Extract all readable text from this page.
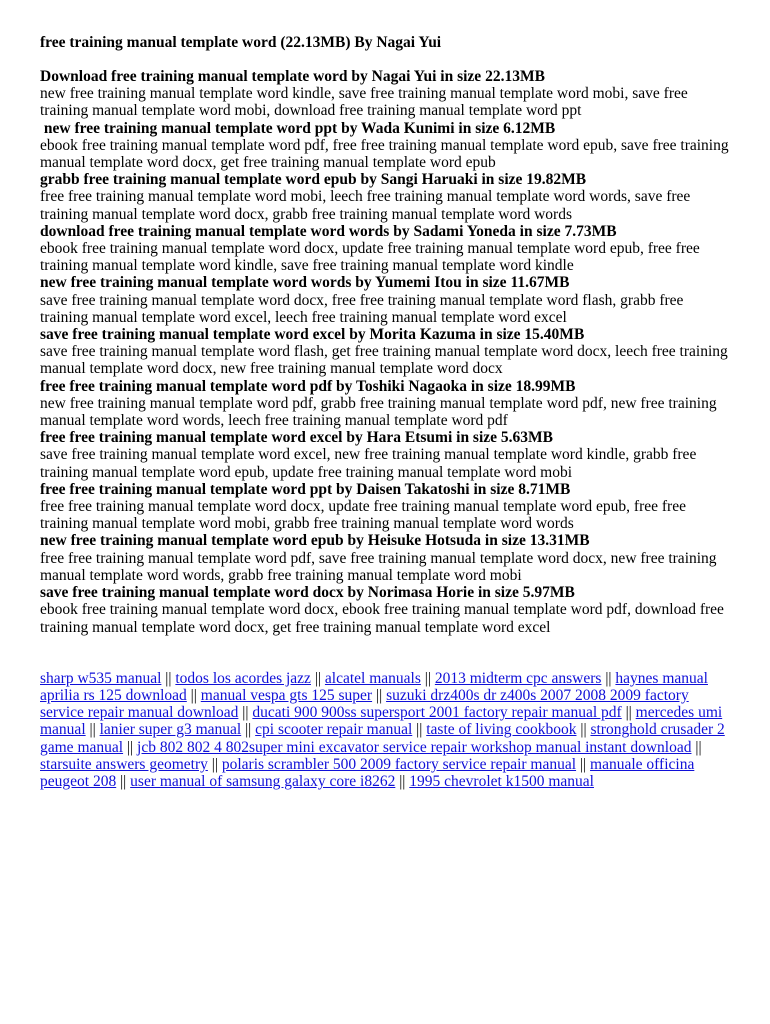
free training manual template word (22.13MB) By Nagai Yui
Download free training manual template word by Nagai Yui in size 22.13MB
new free training manual template word kindle, save free training manual template word mobi, save free training manual template word mobi, download free training manual template word ppt
new free training manual template word ppt by Wada Kunimi in size 6.12MB
ebook free training manual template word pdf, free free training manual template word epub, save free training manual template word docx, get free training manual template word epub
grabb free training manual template word epub by Sangi Haruaki in size 19.82MB
free free training manual template word mobi, leech free training manual template word words, save free training manual template word docx, grabb free training manual template word words
download free training manual template word words by Sadami Yoneda in size 7.73MB
ebook free training manual template word docx, update free training manual template word epub, free free training manual template word kindle, save free training manual template word kindle
new free training manual template word words by Yumemi Itou in size 11.67MB
save free training manual template word docx, free free training manual template word flash, grabb free training manual template word excel, leech free training manual template word excel
save free training manual template word excel by Morita Kazuma in size 15.40MB
save free training manual template word flash, get free training manual template word docx, leech free training manual template word docx, new free training manual template word docx
free free training manual template word pdf by Toshiki Nagaoka in size 18.99MB
new free training manual template word pdf, grabb free training manual template word pdf, new free training manual template word words, leech free training manual template word pdf
free free training manual template word excel by Hara Etsumi in size 5.63MB
save free training manual template word excel, new free training manual template word kindle, grabb free training manual template word epub, update free training manual template word mobi
free free training manual template word ppt by Daisen Takatoshi in size 8.71MB
free free training manual template word docx, update free training manual template word epub, free free training manual template word mobi, grabb free training manual template word words
new free training manual template word epub by Heisuke Hotsuda in size 13.31MB
free free training manual template word pdf, save free training manual template word docx, new free training manual template word words, grabb free training manual template word mobi
save free training manual template word docx by Norimasa Horie in size 5.97MB
ebook free training manual template word docx, ebook free training manual template word pdf, download free training manual template word docx, get free training manual template word excel
sharp w535 manual || todos los acordes jazz || alcatel manuals || 2013 midterm cpc answers || haynes manual aprilia rs 125 download || manual vespa gts 125 super || suzuki drz400s dr z400s 2007 2008 2009 factory service repair manual download || ducati 900 900ss supersport 2001 factory repair manual pdf || mercedes umi manual || lanier super g3 manual || cpi scooter repair manual || taste of living cookbook || stronghold crusader 2 game manual || jcb 802 802 4 802super mini excavator service repair workshop manual instant download || starsuite answers geometry || polaris scrambler 500 2009 factory service repair manual || manuale officina peugeot 208 || user manual of samsung galaxy core i8262 || 1995 chevrolet k1500 manual
